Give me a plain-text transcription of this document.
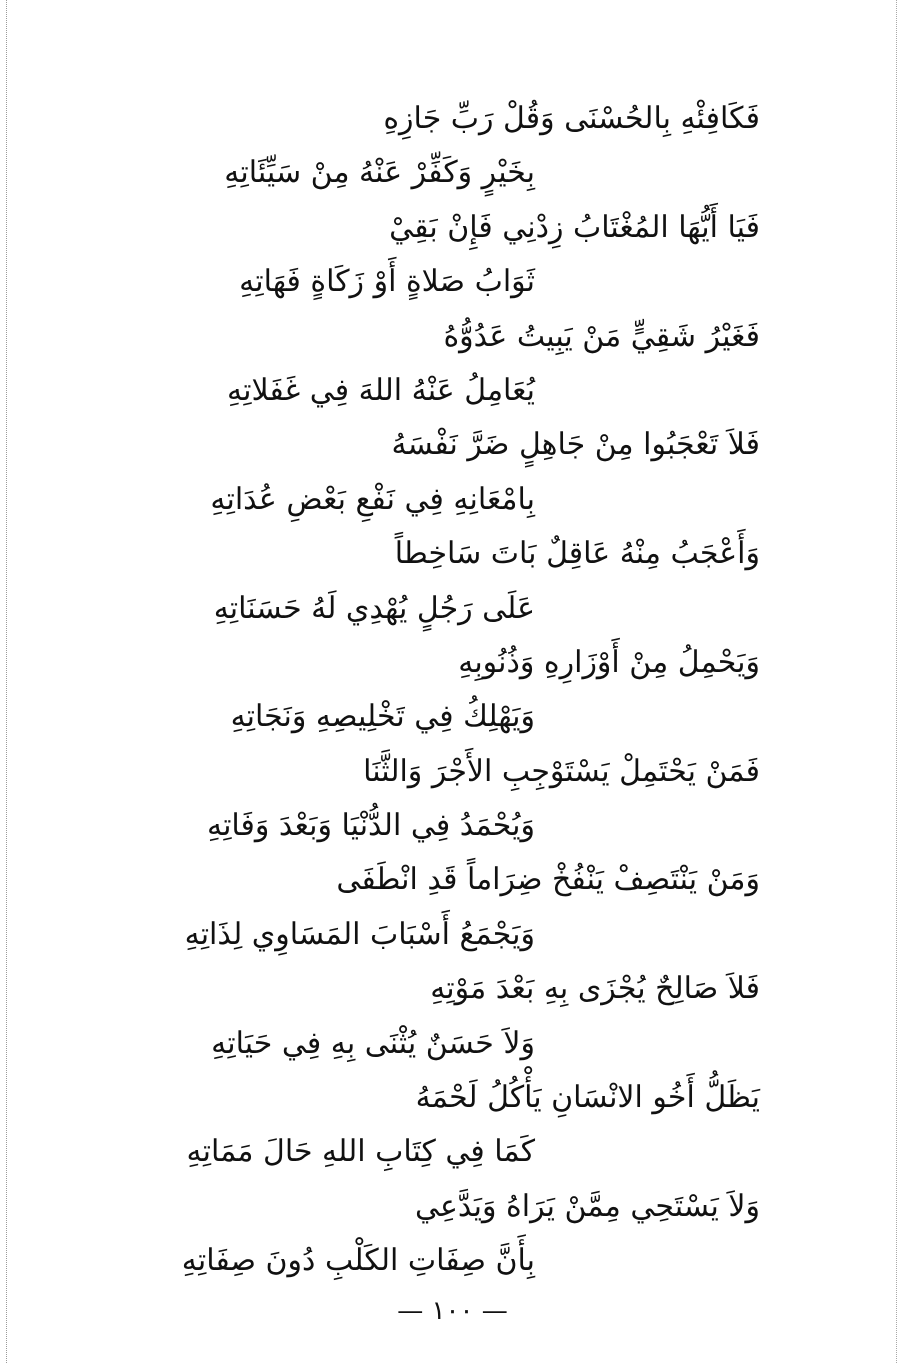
فَكَافِئْهِ بِالحُسْنَى وَقُلْ رَبِّ جَازِهِ
بِخَيْرٍ وَكَفِّرْ عَنْهُ مِنْ سَيِّئَاتِهِ
فَيَا أَيُّهَا المُغْتَابُ زِدْنِي فَإِنْ بَقِيْ
ثَوَابُ صَلاةٍ أَوْ زَكَاةٍ فَهَاتِهِ
فَغَيْرُ شَقِيٍّ مَنْ يَبِيتُ عَدُوُّهُ
يُعَامِلُ عَنْهُ اللهَ فِي غَفَلاتِهِ
فَلاَ تَعْجَبُوا مِنْ جَاهِلٍ ضَرَّ نَفْسَهُ
بِامْعَانِهِ فِي نَفْعِ بَعْضِ عُدَاتِهِ
وَأَعْجَبُ مِنْهُ عَاقِلٌ بَاتَ سَاخِطاً
عَلَى رَجُلٍ يُهْدِي لَهُ حَسَنَاتِهِ
وَيَحْمِلُ مِنْ أَوْزَارِهِ وَذُنُوبِهِ
وَيَهْلِكُ فِي تَخْلِيصِهِ وَنَجَاتِهِ
فَمَنْ يَحْتَمِلْ يَسْتَوْجِبِ الأَجْرَ وَالثَّنَا
وَيُحْمَدُ فِي الدُّنْيَا وَبَعْدَ وَفَاتِهِ
وَمَنْ يَنْتَصِفْ يَنْفُخْ ضِرَاماً قَدِ انْطَفَى
وَيَجْمَعُ أَسْبَابَ المَسَاوِي لِذَاتِهِ
فَلاَ صَالِحٌ يُجْزَى بِهِ بَعْدَ مَوْتِهِ
وَلاَ حَسَنٌ يُثْنَى بِهِ فِي حَيَاتِهِ
يَظَلُّ أَخُو الانْسَانِ يَأْكُلُ لَحْمَهُ
كَمَا فِي كِتَابِ اللهِ حَالَ مَمَاتِهِ
وَلاَ يَسْتَحِي مِمَّنْ يَرَاهُ وَيَدَّعِي
بِأَنَّ صِفَاتِ الكَلْبِ دُونَ صِفَاتِهِ
— ١٠٠ —
